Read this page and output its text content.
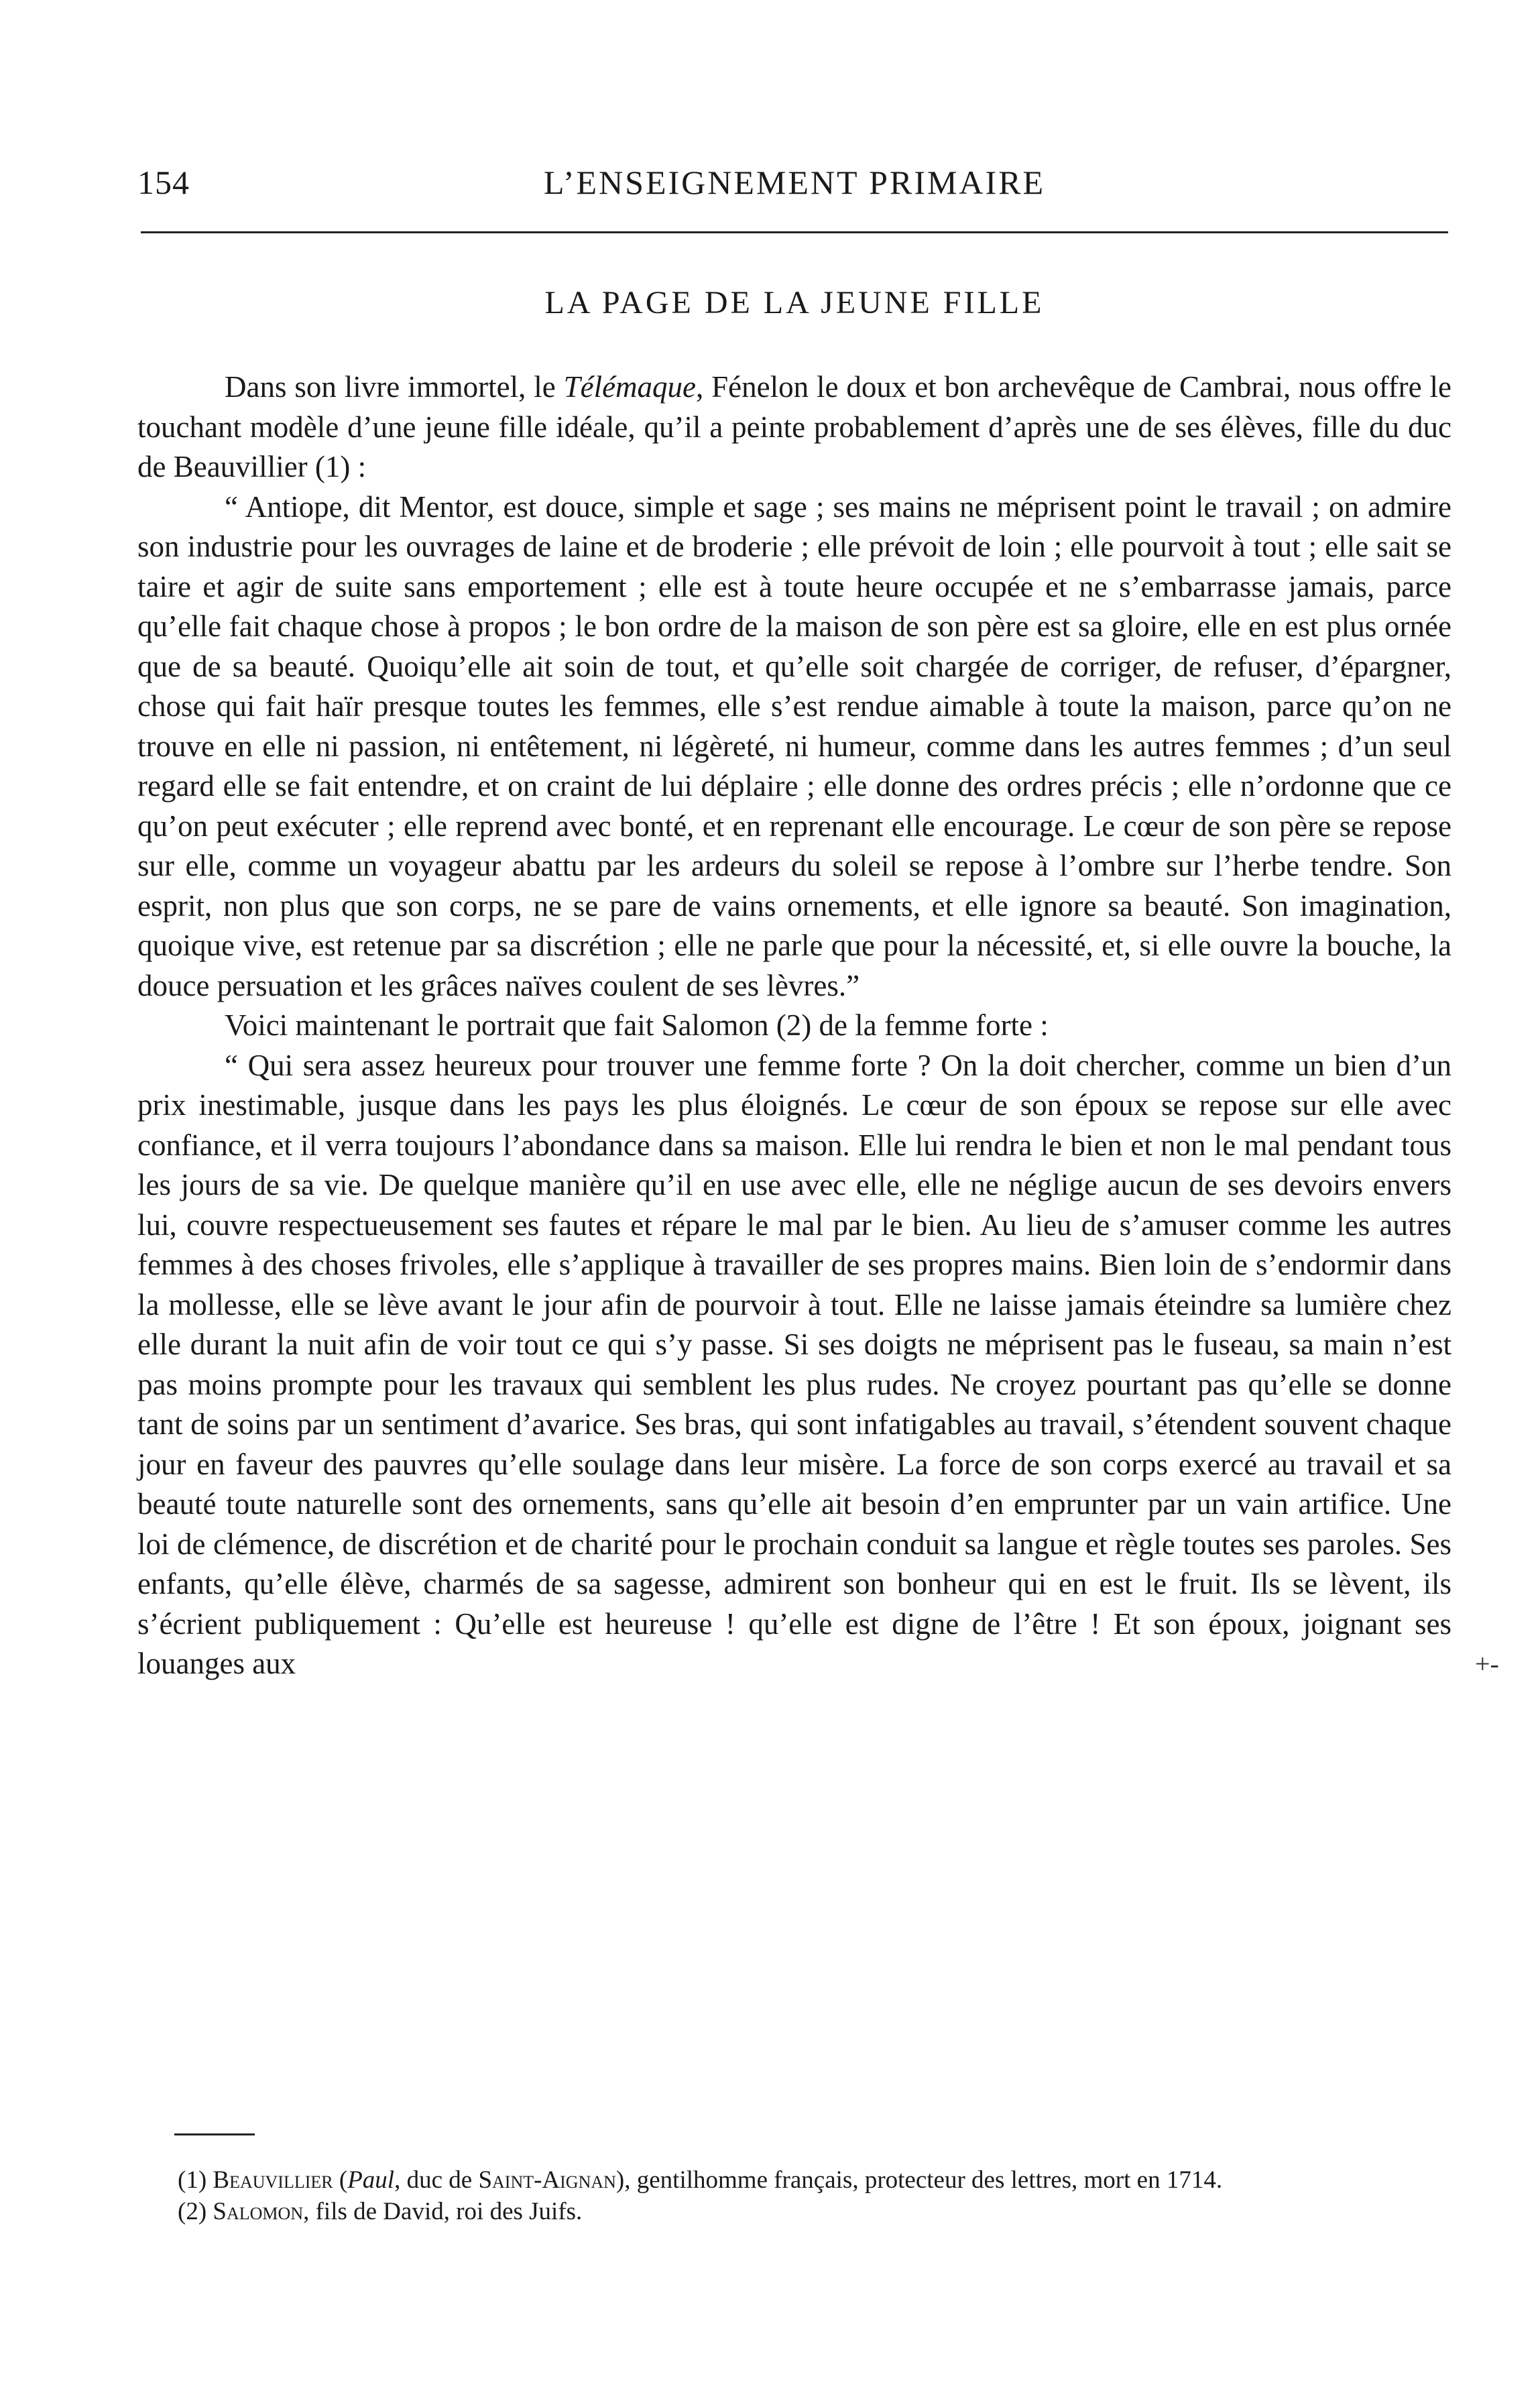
154	L’ENSEIGNEMENT PRIMAIRE
LA PAGE DE LA JEUNE FILLE

Dans son livre immortel, le Télémaque, Fénelon le doux et bon archevêque de Cambrai, nous offre le touchant modèle d’une jeune fille idéale, qu’il a peinte probablement d’après une de ses élèves, fille du duc de Beauvillier (1) :

“ Antiope, dit Mentor, est douce, simple et sage ; ses mains ne méprisent point le travail ; on admire son industrie pour les ouvrages de laine et de broderie ; elle prévoit de loin ; elle pourvoit à tout ; elle sait se taire et agir de suite sans emportement ; elle est à toute heure occupée et ne s’embarrasse jamais, parce qu’elle fait chaque chose à propos ; le bon ordre de la maison de son père est sa gloire, elle en est plus ornée que de sa beauté. Quoiqu’elle ait soin de tout, et qu’elle soit chargée de corriger, de refuser, d’épargner, chose qui fait haïr presque toutes les femmes, elle s’est rendue aimable à toute la maison, parce qu’on ne trouve en elle ni passion, ni entêtement, ni légèreté, ni humeur, comme dans les autres femmes ; d’un seul regard elle se fait entendre, et on craint de lui déplaire ; elle donne des ordres précis ; elle n’ordonne que ce qu’on peut exécuter ; elle reprend avec bonté, et en reprenant elle encourage. Le cœur de son père se repose sur elle, comme un voyageur abattu par les ardeurs du soleil se repose à l’ombre sur l’herbe tendre. Son esprit, non plus que son corps, ne se pare de vains ornements, et elle ignore sa beauté. Son imagination, quoique vive, est retenue par sa discrétion ; elle ne parle que pour la nécessité, et, si elle ouvre la bouche, la douce persuation et les grâces naïves coulent de ses lèvres.”

Voici maintenant le portrait que fait Salomon (2) de la femme forte :

“ Qui sera assez heureux pour trouver une femme forte ? On la doit chercher, comme un bien d’un prix inestimable, jusque dans les pays les plus éloignés. Le cœur de son époux se repose sur elle avec confiance, et il verra toujours l’abondance dans sa maison. Elle lui rendra le bien et non le mal pendant tous les jours de sa vie. De quelque manière qu’il en use avec elle, elle ne néglige aucun de ses devoirs envers lui, couvre respectueusement ses fautes et répare le mal par le bien. Au lieu de s’amuser comme les autres femmes à des choses frivoles, elle s’applique à travailler de ses propres mains. Bien loin de s’endormir dans la mollesse, elle se lève avant le jour afin de pourvoir à tout. Elle ne laisse jamais éteindre sa lumière chez elle durant la nuit afin de voir tout ce qui s’y passe. Si ses doigts ne méprisent pas le fuseau, sa main n’est pas moins prompte pour les travaux qui semblent les plus rudes. Ne croyez pourtant pas qu’elle se donne tant de soins par un sentiment d’avarice. Ses bras, qui sont infatigables au travail, s’étendent souvent chaque jour en faveur des pauvres qu’elle soulage dans leur misère. La force de son corps exercé au travail et sa beauté toute naturelle sont des ornements, sans qu’elle ait besoin d’en emprunter par un vain artifice. Une loi de clémence, de discrétion et de charité pour le prochain conduit sa langue et règle toutes ses paroles. Ses enfants, qu’elle élève, charmés de sa sagesse, admirent son bonheur qui en est le fruit. Ils se lèvent, ils s’écrient publiquement : Qu’elle est heureuse ! qu’elle est digne de l’être ! Et son époux, joignant ses louanges aux	+-

(1) Beauvillier (Paul, duc de Saint-Aignan), gentilhomme français, protecteur des lettres, mort en 1714.

(2) Salomon, fils de David, roi des Juifs.
